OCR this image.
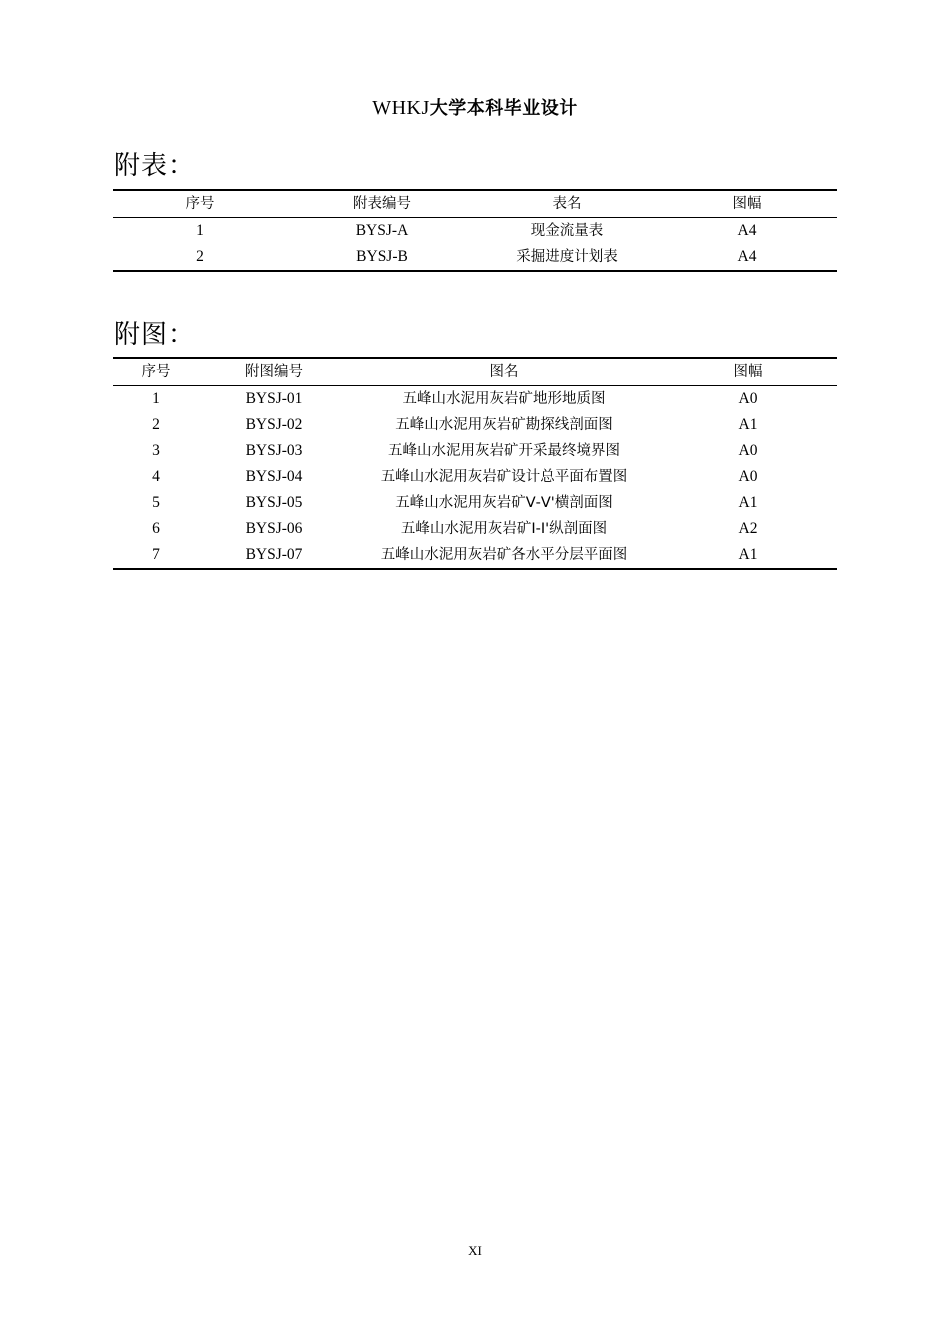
WHKJ大学本科毕业设计
附表：
序号	附表编号	表名	图幅
1	BYSJ-A	现金流量表	A4
2	BYSJ-B	采掘进度计划表	A4
附图：
序号	附图编号	图名	图幅
1	BYSJ-01	五峰山水泥用灰岩矿地形地质图	A0
2	BYSJ-02	五峰山水泥用灰岩矿勘探线剖面图	A1
3	BYSJ-03	五峰山水泥用灰岩矿开采最终境界图	A0
4	BYSJ-04	五峰山水泥用灰岩矿设计总平面布置图	A0
5	BYSJ-05	五峰山水泥用灰岩矿Ⅴ-Ⅴ'横剖面图	A1
6	BYSJ-06	五峰山水泥用灰岩矿Ⅰ-Ⅰ'纵剖面图	A2
7	BYSJ-07	五峰山水泥用灰岩矿各水平分层平面图	A1
XI
